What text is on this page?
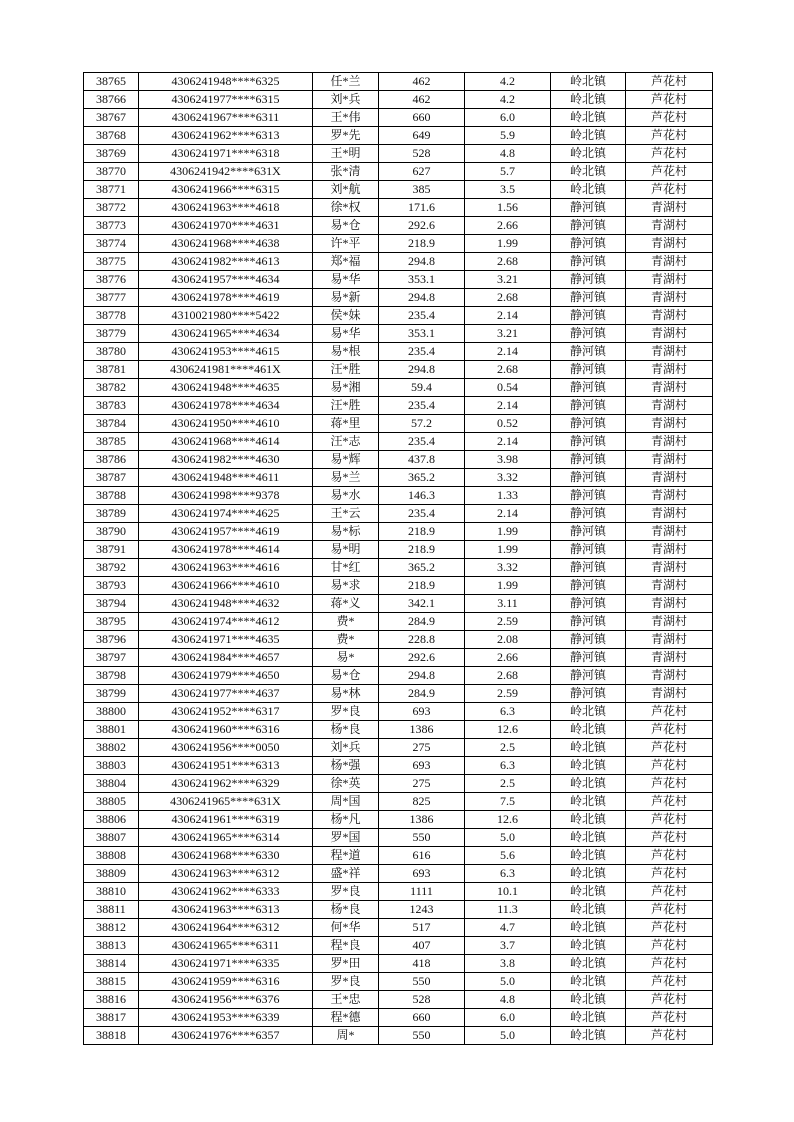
38765	4306241948****6325	任*兰	462	4.2	岭北镇	芦花村
38766	4306241977****6315	刘*兵	462	4.2	岭北镇	芦花村
38767	4306241967****6311	王*伟	660	6.0	岭北镇	芦花村
38768	4306241962****6313	罗*先	649	5.9	岭北镇	芦花村
38769	4306241971****6318	王*明	528	4.8	岭北镇	芦花村
38770	4306241942****631X	张*清	627	5.7	岭北镇	芦花村
38771	4306241966****6315	刘*航	385	3.5	岭北镇	芦花村
38772	4306241963****4618	徐*权	171.6	1.56	静河镇	青湖村
38773	4306241970****4631	易*仓	292.6	2.66	静河镇	青湖村
38774	4306241968****4638	许*平	218.9	1.99	静河镇	青湖村
38775	4306241982****4613	郑*福	294.8	2.68	静河镇	青湖村
38776	4306241957****4634	易*华	353.1	3.21	静河镇	青湖村
38777	4306241978****4619	易*新	294.8	2.68	静河镇	青湖村
38778	4310021980****5422	侯*妹	235.4	2.14	静河镇	青湖村
38779	4306241965****4634	易*华	353.1	3.21	静河镇	青湖村
38780	4306241953****4615	易*根	235.4	2.14	静河镇	青湖村
38781	4306241981****461X	汪*胜	294.8	2.68	静河镇	青湖村
38782	4306241948****4635	易*湘	59.4	0.54	静河镇	青湖村
38783	4306241978****4634	汪*胜	235.4	2.14	静河镇	青湖村
38784	4306241950****4610	蒋*里	57.2	0.52	静河镇	青湖村
38785	4306241968****4614	汪*志	235.4	2.14	静河镇	青湖村
38786	4306241982****4630	易*辉	437.8	3.98	静河镇	青湖村
38787	4306241948****4611	易*兰	365.2	3.32	静河镇	青湖村
38788	4306241998****9378	易*水	146.3	1.33	静河镇	青湖村
38789	4306241974****4625	王*云	235.4	2.14	静河镇	青湖村
38790	4306241957****4619	易*标	218.9	1.99	静河镇	青湖村
38791	4306241978****4614	易*明	218.9	1.99	静河镇	青湖村
38792	4306241963****4616	甘*红	365.2	3.32	静河镇	青湖村
38793	4306241966****4610	易*求	218.9	1.99	静河镇	青湖村
38794	4306241948****4632	蒋*义	342.1	3.11	静河镇	青湖村
38795	4306241974****4612	费*	284.9	2.59	静河镇	青湖村
38796	4306241971****4635	费*	228.8	2.08	静河镇	青湖村
38797	4306241984****4657	易*	292.6	2.66	静河镇	青湖村
38798	4306241979****4650	易*仓	294.8	2.68	静河镇	青湖村
38799	4306241977****4637	易*林	284.9	2.59	静河镇	青湖村
38800	4306241952****6317	罗*良	693	6.3	岭北镇	芦花村
38801	4306241960****6316	杨*良	1386	12.6	岭北镇	芦花村
38802	4306241956****0050	刘*兵	275	2.5	岭北镇	芦花村
38803	4306241951****6313	杨*强	693	6.3	岭北镇	芦花村
38804	4306241962****6329	徐*英	275	2.5	岭北镇	芦花村
38805	4306241965****631X	周*国	825	7.5	岭北镇	芦花村
38806	4306241961****6319	杨*凡	1386	12.6	岭北镇	芦花村
38807	4306241965****6314	罗*国	550	5.0	岭北镇	芦花村
38808	4306241968****6330	程*道	616	5.6	岭北镇	芦花村
38809	4306241963****6312	盛*祥	693	6.3	岭北镇	芦花村
38810	4306241962****6333	罗*良	1111	10.1	岭北镇	芦花村
38811	4306241963****6313	杨*良	1243	11.3	岭北镇	芦花村
38812	4306241964****6312	何*华	517	4.7	岭北镇	芦花村
38813	4306241965****6311	程*良	407	3.7	岭北镇	芦花村
38814	4306241971****6335	罗*田	418	3.8	岭北镇	芦花村
38815	4306241959****6316	罗*良	550	5.0	岭北镇	芦花村
38816	4306241956****6376	王*忠	528	4.8	岭北镇	芦花村
38817	4306241953****6339	程*德	660	6.0	岭北镇	芦花村
38818	4306241976****6357	周*	550	5.0	岭北镇	芦花村
